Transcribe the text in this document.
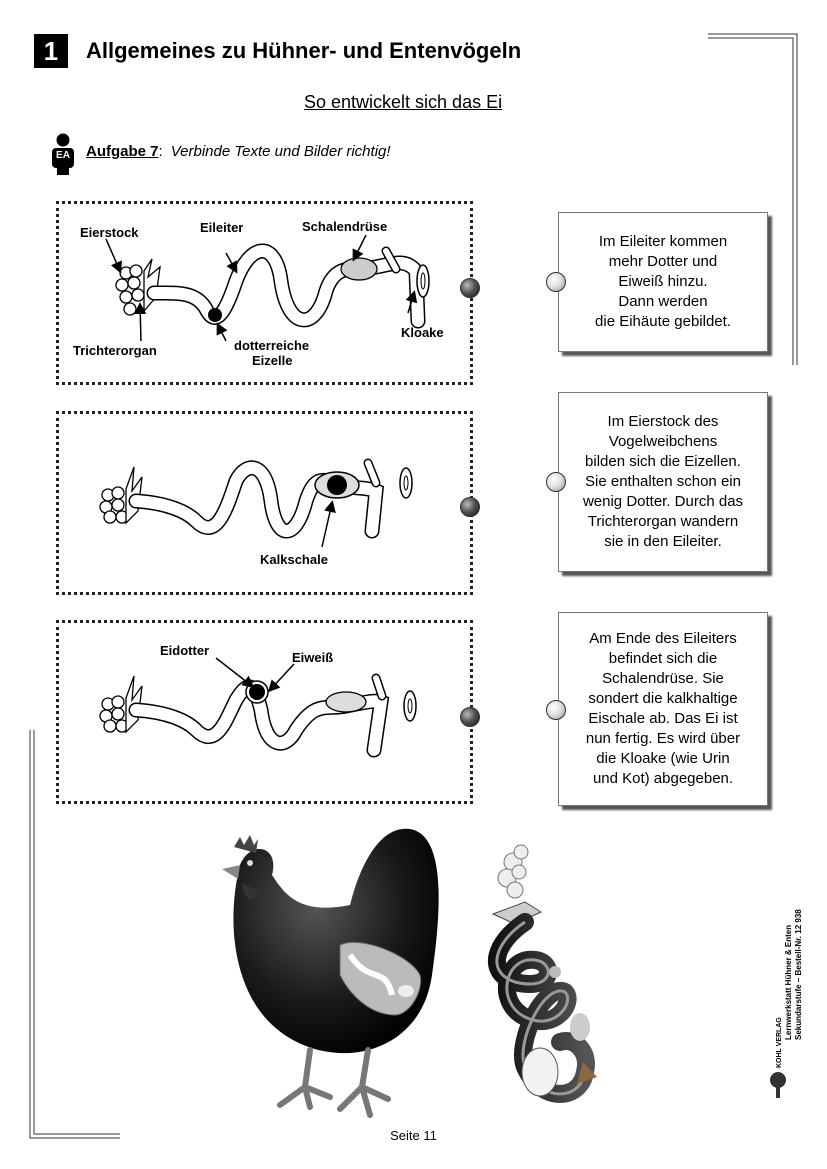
1	Allgemeines zu Hühner- und Entenvögeln
So entwickelt sich das Ei
EA Aufgabe 7: Verbinde Texte und Bilder richtig!
Eierstock	Eileiter	Schalendrüse
Trichterorgan	dotterreiche
Eizelle
Kloake
Kalkschale
Eidotter	Eiweiß
Im Eileiter kommen
mehr Dotter und
Eiweiß hinzu.
Dann werden
die Eihäute gebildet.
Im Eierstock des
Vogelweibchens
bilden sich die Eizellen.
Sie enthalten schon ein
wenig Dotter. Durch das
Trichterorgan wandern
sie in den Eileiter.
Am Ende des Eileiters
befindet sich die
Schalendrüse. Sie
sondert die kalkhaltige
Eischale ab. Das Ei ist
nun fertig. Es wird über
die Kloake (wie Urin
und Kot) abgegeben.
Lernwerkstatt Hühner & Enten Sekundarstufe – Bestell-Nr. 12 938
KOHL VERLAG
Seite 11
